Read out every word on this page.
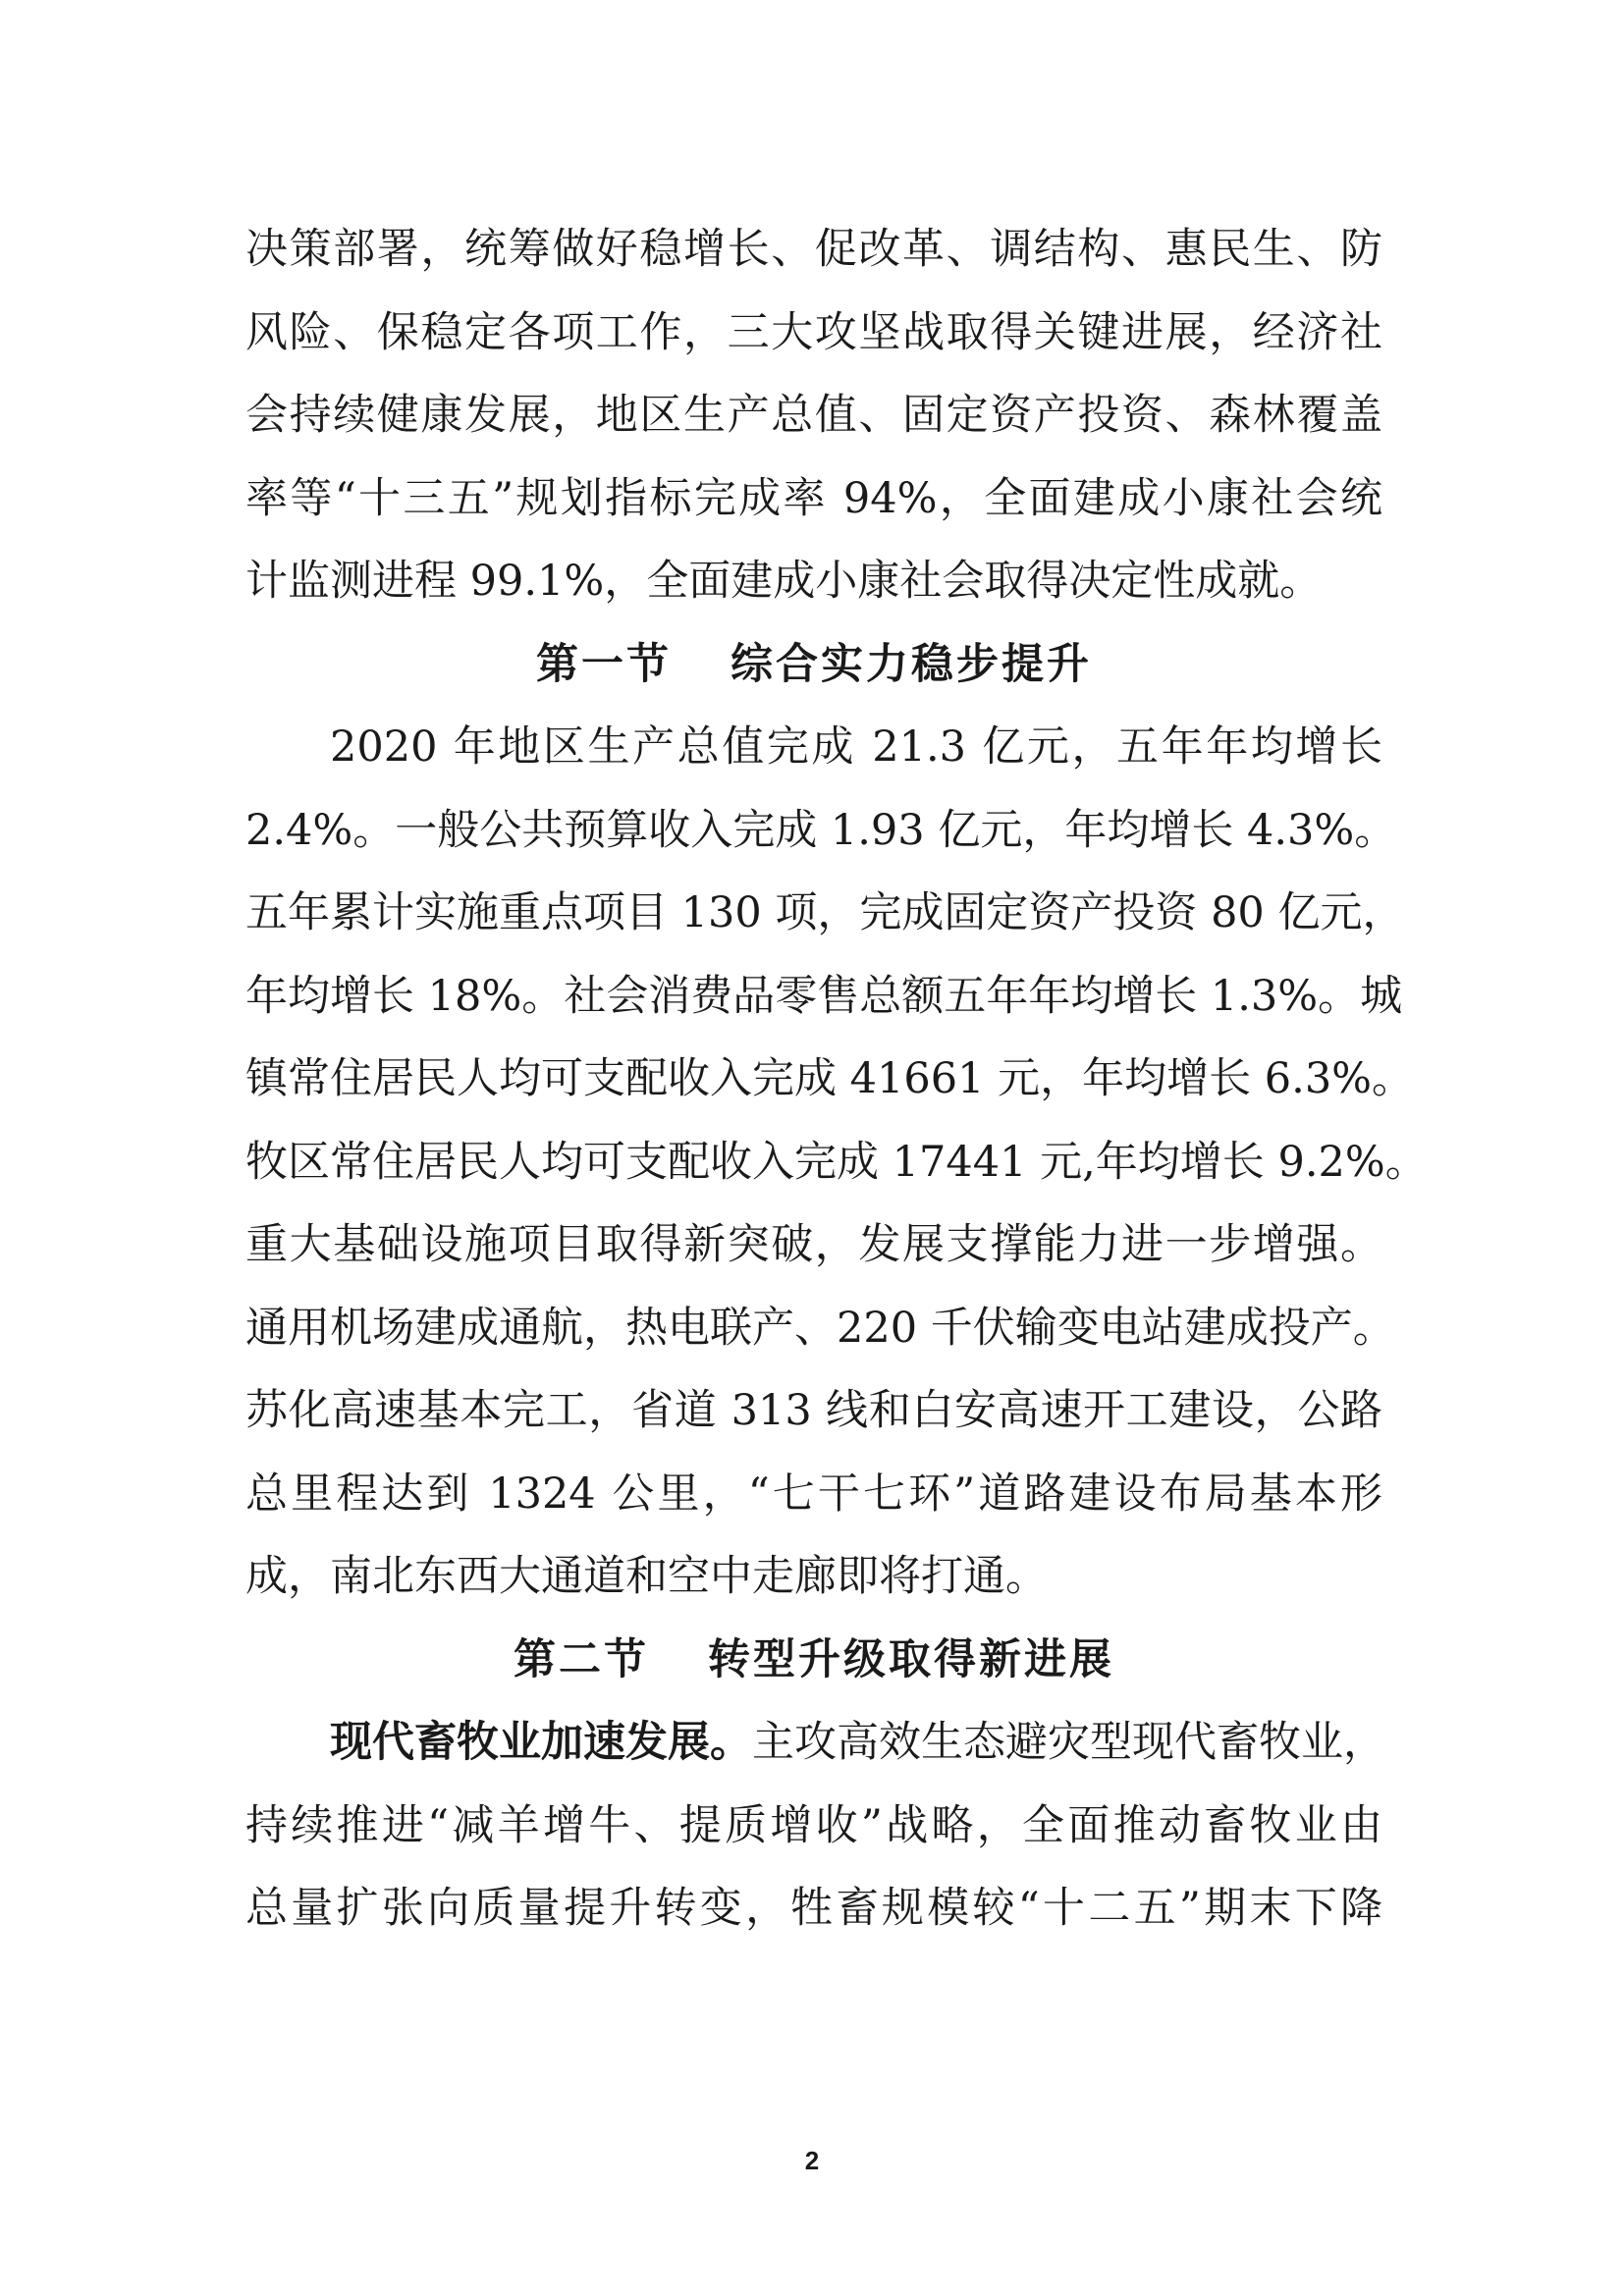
决策部署，统筹做好稳增长、促改革、调结构、惠民生、防
风险、保稳定各项工作，三大攻坚战取得关键进展，经济社
会持续健康发展，地区生产总值、固定资产投资、森林覆盖
率等“十三五”规划指标完成率 94%，全面建成小康社会统
计监测进程 99.1%，全面建成小康社会取得决定性成就。

第一节 综合实力稳步提升

2020 年地区生产总值完成 21.3 亿元，五年年均增长
2.4%。一般公共预算收入完成 1.93 亿元，年均增长 4.3%。
五年累计实施重点项目 130 项，完成固定资产投资 80 亿元，
年均增长 18%。社会消费品零售总额五年年均增长 1.3%。城
镇常住居民人均可支配收入完成 41661 元，年均增长 6.3%。
牧区常住居民人均可支配收入完成 17441 元,年均增长 9.2%。
重大基础设施项目取得新突破，发展支撑能力进一步增强。
通用机场建成通航，热电联产、220 千伏输变电站建成投产。
苏化高速基本完工，省道 313 线和白安高速开工建设，公路
总里程达到 1324 公里，“七干七环”道路建设布局基本形
成，南北东西大通道和空中走廊即将打通。

第二节 转型升级取得新进展

现代畜牧业加速发展。主攻高效生态避灾型现代畜牧业，
持续推进“减羊增牛、提质增收”战略，全面推动畜牧业由
总量扩张向质量提升转变，牲畜规模较“十二五”期末下降

2
